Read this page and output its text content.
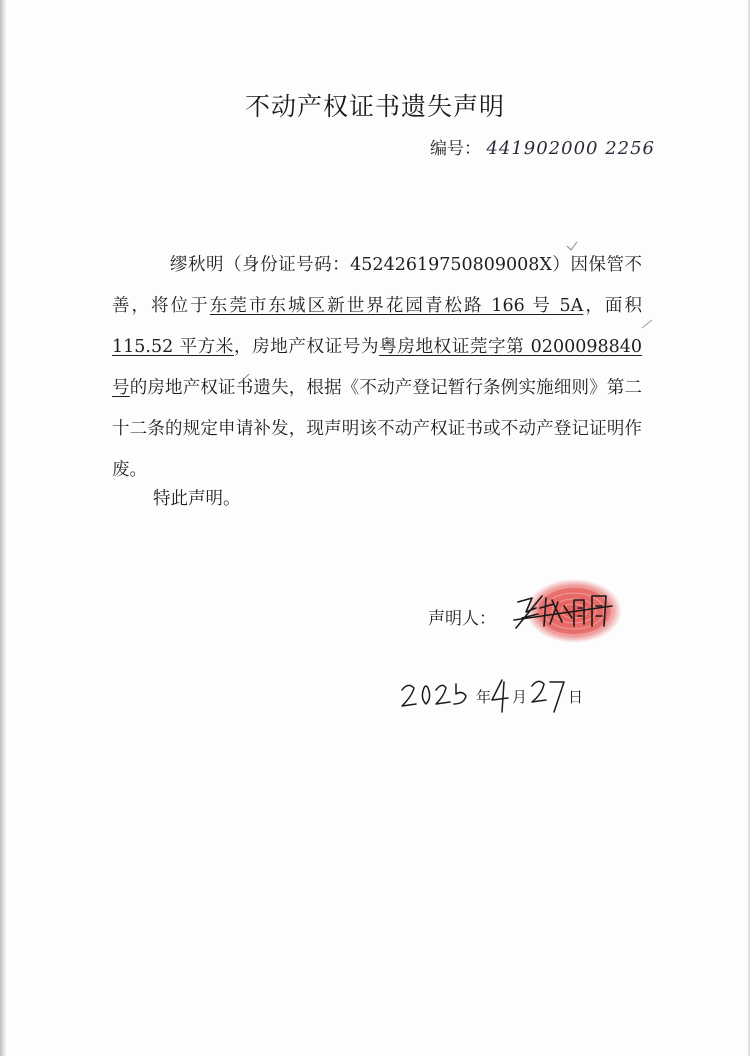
不动产权证书遗失声明
编号： 441902000 2256

缪秋明（身份证号码：45242619750809008X）因保管不善，将位于东莞市东城区新世界花园青松路 166 号 5A，面积115.52 平方米，房地产权证号为粤房地权证莞字第 0200098840 号的房地产权证书遗失，根据《不动产登记暂行条例实施细则》第二十二条的规定申请补发，现声明该不动产权证书或不动产登记证明作废。

特此声明。
声明人：
年 月	日
